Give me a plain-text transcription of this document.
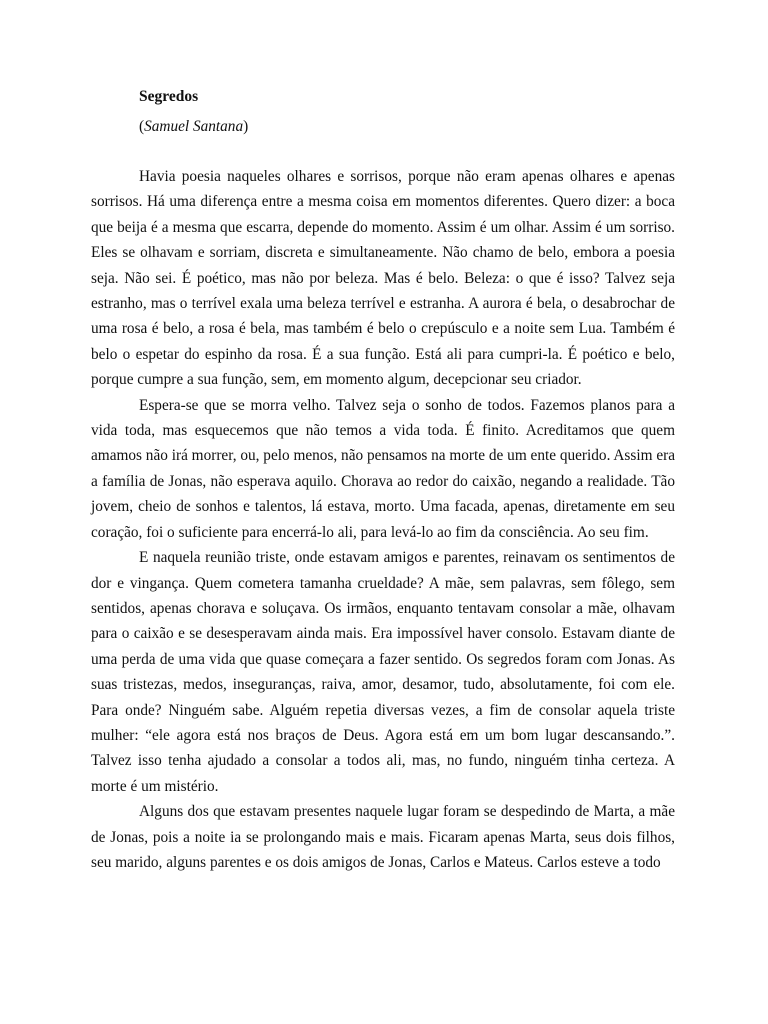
Segredos
(Samuel Santana)

Havia poesia naqueles olhares e sorrisos, porque não eram apenas olhares e apenas sorrisos. Há uma diferença entre a mesma coisa em momentos diferentes. Quero dizer: a boca que beija é a mesma que escarra, depende do momento. Assim é um olhar. Assim é um sorriso. Eles se olhavam e sorriam, discreta e simultaneamente. Não chamo de belo, embora a poesia seja. Não sei. É poético, mas não por beleza. Mas é belo. Beleza: o que é isso? Talvez seja estranho, mas o terrível exala uma beleza terrível e estranha. A aurora é bela, o desabrochar de uma rosa é belo, a rosa é bela, mas também é belo o crepúsculo e a noite sem Lua. Também é belo o espetar do espinho da rosa. É a sua função. Está ali para cumpri-la. É poético e belo, porque cumpre a sua função, sem, em momento algum, decepcionar seu criador.

Espera-se que se morra velho. Talvez seja o sonho de todos. Fazemos planos para a vida toda, mas esquecemos que não temos a vida toda. É finito. Acreditamos que quem amamos não irá morrer, ou, pelo menos, não pensamos na morte de um ente querido. Assim era a família de Jonas, não esperava aquilo. Chorava ao redor do caixão, negando a realidade. Tão jovem, cheio de sonhos e talentos, lá estava, morto. Uma facada, apenas, diretamente em seu coração, foi o suficiente para encerrá-lo ali, para levá-lo ao fim da consciência. Ao seu fim.

E naquela reunião triste, onde estavam amigos e parentes, reinavam os sentimentos de dor e vingança. Quem cometera tamanha crueldade? A mãe, sem palavras, sem fôlego, sem sentidos, apenas chorava e soluçava. Os irmãos, enquanto tentavam consolar a mãe, olhavam para o caixão e se desesperavam ainda mais. Era impossível haver consolo. Estavam diante de uma perda de uma vida que quase começara a fazer sentido. Os segredos foram com Jonas. As suas tristezas, medos, inseguranças, raiva, amor, desamor, tudo, absolutamente, foi com ele. Para onde? Ninguém sabe. Alguém repetia diversas vezes, a fim de consolar aquela triste mulher: “ele agora está nos braços de Deus. Agora está em um bom lugar descansando.”. Talvez isso tenha ajudado a consolar a todos ali, mas, no fundo, ninguém tinha certeza. A morte é um mistério.

Alguns dos que estavam presentes naquele lugar foram se despedindo de Marta, a mãe de Jonas, pois a noite ia se prolongando mais e mais. Ficaram apenas Marta, seus dois filhos, seu marido, alguns parentes e os dois amigos de Jonas, Carlos e Mateus. Carlos esteve a todo
